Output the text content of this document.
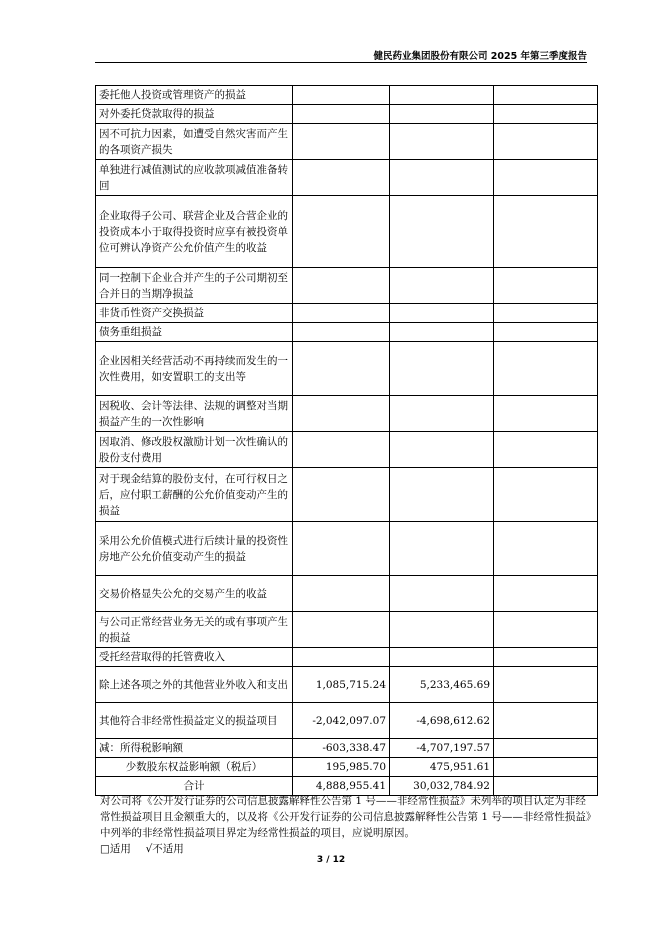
健民药业集团股份有限公司 2025 年第三季度报告
委托他人投资或管理资产的损益			
对外委托贷款取得的损益			
因不可抗力因素，如遭受自然灾害而产生的各项资产损失			
单独进行减值测试的应收款项减值准备转回			
企业取得子公司、联营企业及合营企业的投资成本小于取得投资时应享有被投资单位可辨认净资产公允价值产生的收益			
同一控制下企业合并产生的子公司期初至合并日的当期净损益			
非货币性资产交换损益			
债务重组损益			
企业因相关经营活动不再持续而发生的一次性费用，如安置职工的支出等			
因税收、会计等法律、法规的调整对当期损益产生的一次性影响			
因取消、修改股权激励计划一次性确认的股份支付费用			
对于现金结算的股份支付，在可行权日之后，应付职工薪酬的公允价值变动产生的损益			
采用公允价值模式进行后续计量的投资性房地产公允价值变动产生的损益			
交易价格显失公允的交易产生的收益			
与公司正常经营业务无关的或有事项产生的损益			
受托经营取得的托管费收入			
除上述各项之外的其他营业外收入和支出	1,085,715.24	5,233,465.69	
其他符合非经常性损益定义的损益项目	-2,042,097.07	-4,698,612.62	
减：所得税影响额	-603,338.47	-4,707,197.57	
少数股东权益影响额（税后）	195,985.70	475,951.61	
合计	4,888,955.41	30,032,784.92	

对公司将《公开发行证券的公司信息披露解释性公告第 1 号——非经常性损益》未列举的项目认定为非经常性损益项目且金额重大的，以及将《公开发行证券的公司信息披露解释性公告第 1 号——非经常性损益》中列举的非经常性损益项目界定为经常性损益的项目，应说明原因。

□适用 √不适用
3 / 12
